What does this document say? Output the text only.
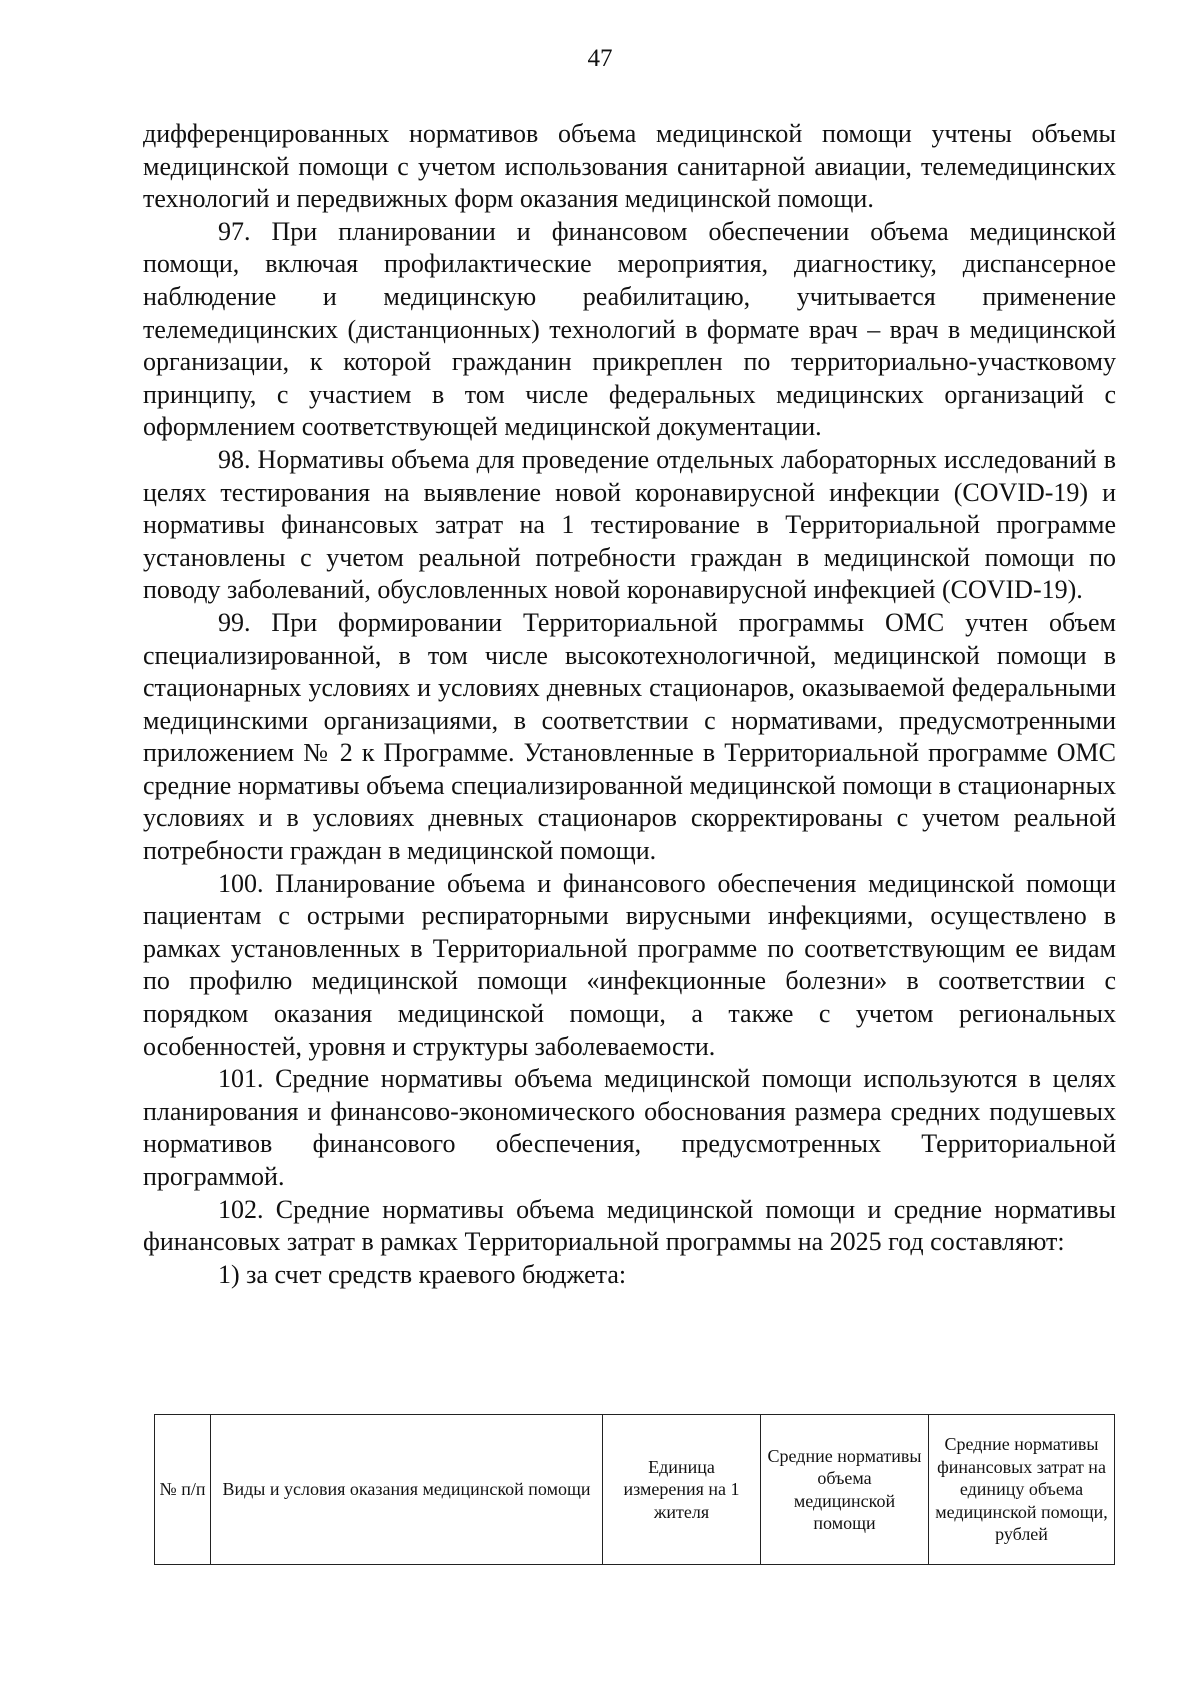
47

дифференцированных нормативов объема медицинской помощи учтены объемы медицинской помощи с учетом использования санитарной авиации, телемедицинских технологий и передвижных форм оказания медицинской помощи.

97. При планировании и финансовом обеспечении объема медицинской помощи, включая профилактические мероприятия, диагностику, диспансерное наблюдение и медицинскую реабилитацию, учитывается применение телемедицинских (дистанционных) технологий в формате врач – врач в медицинской организации, к которой гражданин прикреплен по территориально-участковому принципу, с участием в том числе федеральных медицинских организаций с оформлением соответствующей медицинской документации.

98. Нормативы объема для проведение отдельных лабораторных исследований в целях тестирования на выявление новой коронавирусной инфекции (COVID-19) и нормативы финансовых затрат на 1 тестирование в Территориальной программе установлены с учетом реальной потребности граждан в медицинской помощи по поводу заболеваний, обусловленных новой коронавирусной инфекцией (COVID-19).

99. При формировании Территориальной программы ОМС учтен объем специализированной, в том числе высокотехнологичной, медицинской помощи в стационарных условиях и условиях дневных стационаров, оказываемой федеральными медицинскими организациями, в соответствии с нормативами, предусмотренными приложением № 2 к Программе. Установленные в Территориальной программе ОМС средние нормативы объема специализированной медицинской помощи в стационарных условиях и в условиях дневных стационаров скорректированы с учетом реальной потребности граждан в медицинской помощи.

100. Планирование объема и финансового обеспечения медицинской помощи пациентам с острыми респираторными вирусными инфекциями, осуществлено в рамках установленных в Территориальной программе по соответствующим ее видам по профилю медицинской помощи «инфекционные болезни» в соответствии с порядком оказания медицинской помощи, а также с учетом региональных особенностей, уровня и структуры заболеваемости.

101. Средние нормативы объема медицинской помощи используются в целях планирования и финансово-экономического обоснования размера средних подушевых нормативов финансового обеспечения, предусмотренных Территориальной программой.

102. Средние нормативы объема медицинской помощи и средние нормативы финансовых затрат в рамках Территориальной программы на 2025 год составляют:

1) за счет средств краевого бюджета:

№ п/п	Виды и условия оказания медицинской помощи	Единица измерения на 1 жителя	Средние нормативы объема медицинской помощи	Средние нормативы финансовых затрат на единицу объема медицинской помощи, рублей
